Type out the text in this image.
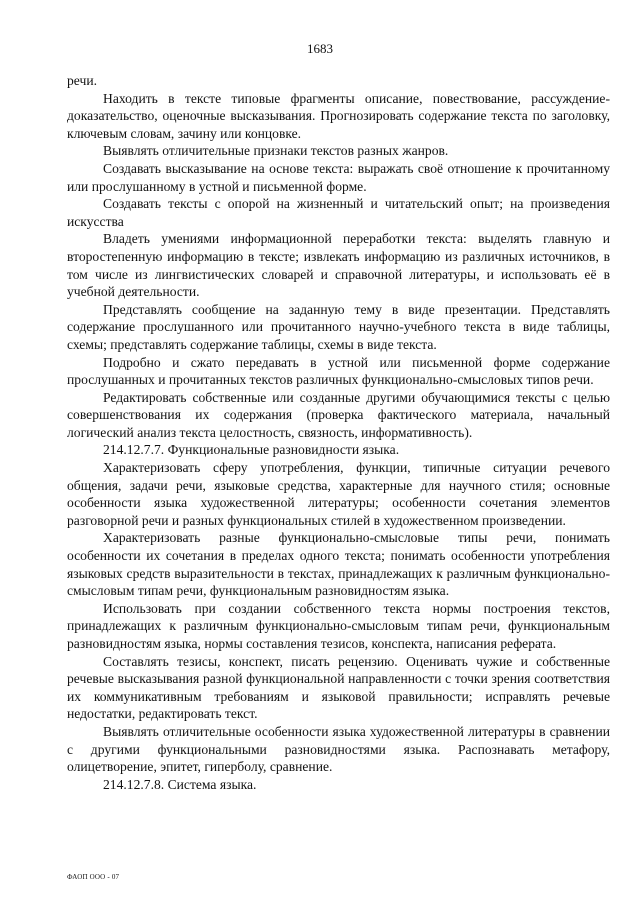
1683

речи.

Находить в тексте типовые фрагменты описание, повествование, рассуждение-доказательство, оценочные высказывания. Прогнозировать содержание текста по заголовку, ключевым словам, зачину или концовке.

Выявлять отличительные признаки текстов разных жанров.

Создавать высказывание на основе текста: выражать своё отношение к прочитанному или прослушанному в устной и письменной форме.

Создавать тексты с опорой на жизненный и читательский опыт; на произведения искусства

Владеть умениями информационной переработки текста: выделять главную и второстепенную информацию в тексте; извлекать информацию из различных источников, в том числе из лингвистических словарей и справочной литературы, и использовать её в учебной деятельности.

Представлять сообщение на заданную тему в виде презентации. Представлять содержание прослушанного или прочитанного научно-учебного текста в виде таблицы, схемы; представлять содержание таблицы, схемы в виде текста.

Подробно и сжато передавать в устной или письменной форме содержание прослушанных и прочитанных текстов различных функционально-смысловых типов речи.

Редактировать собственные или созданные другими обучающимися тексты с целью совершенствования их содержания (проверка фактического материала, начальный логический анализ текста целостность, связность, информативность).

214.12.7.7. Функциональные разновидности языка.

Характеризовать сферу употребления, функции, типичные ситуации речевого общения, задачи речи, языковые средства, характерные для научного стиля; основные особенности языка художественной литературы; особенности сочетания элементов разговорной речи и разных функциональных стилей в художественном произведении.

Характеризовать разные функционально-смысловые типы речи, понимать особенности их сочетания в пределах одного текста; понимать особенности употребления языковых средств выразительности в текстах, принадлежащих к различным функционально-смысловым типам речи, функциональным разновидностям языка.

Использовать при создании собственного текста нормы построения текстов, принадлежащих к различным функционально-смысловым типам речи, функциональным разновидностям языка, нормы составления тезисов, конспекта, написания реферата.

Составлять тезисы, конспект, писать рецензию. Оценивать чужие и собственные речевые высказывания разной функциональной направленности с точки зрения соответствия их коммуникативным требованиям и языковой правильности; исправлять речевые недостатки, редактировать текст.

Выявлять отличительные особенности языка художественной литературы в сравнении с другими функциональными разновидностями языка. Распознавать метафору, олицетворение, эпитет, гиперболу, сравнение.

214.12.7.8. Система языка.

ФАОП ООО - 07
